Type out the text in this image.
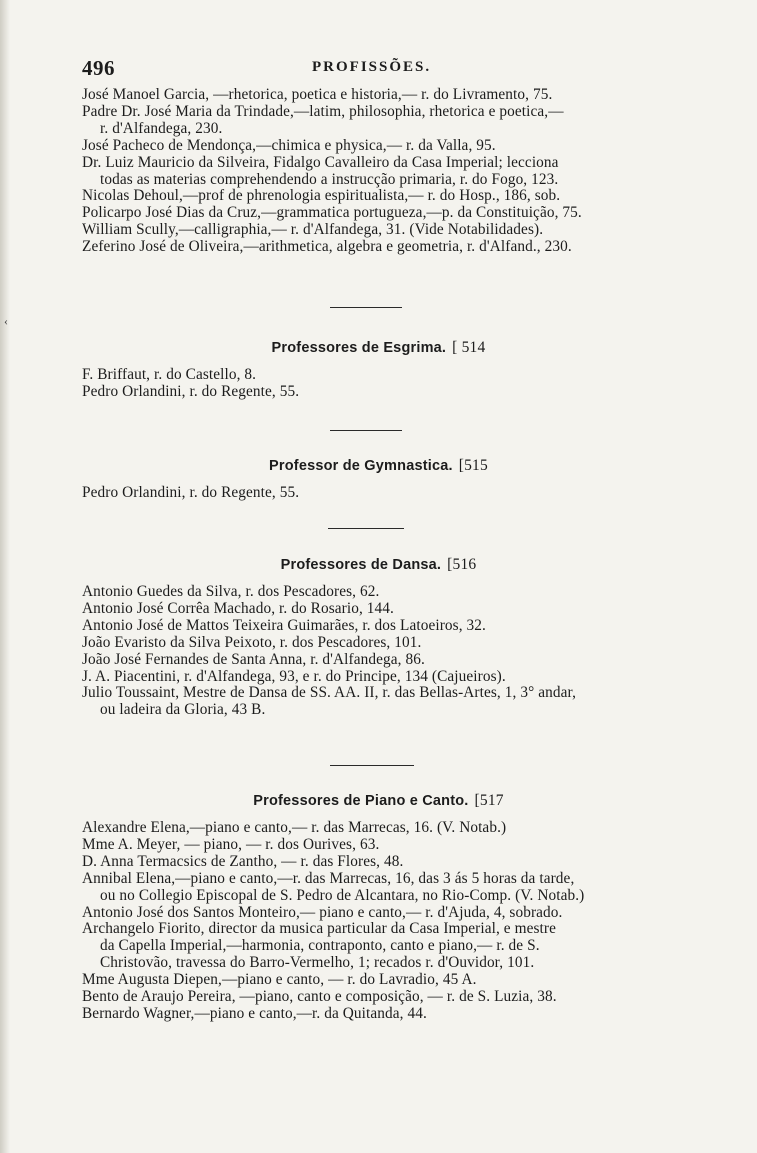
‹
496	PROFISSÕES.
José Manoel Garcia, —rhetorica, poetica e historia,— r. do Livramento, 75.
Padre Dr. José Maria da Trindade,—latim, philosophia, rhetorica e poetica,—
r. d'Alfandega, 230.
José Pacheco de Mendonça,—chimica e physica,— r. da Valla, 95.
Dr. Luiz Mauricio da Silveira, Fidalgo Cavalleiro da Casa Imperial; lecciona
todas as materias comprehendendo a instrucção primaria, r. do Fogo, 123.
Nicolas Dehoul,—prof de phrenologia espiritualista,— r. do Hosp., 186, sob.
Policarpo José Dias da Cruz,—grammatica portugueza,—p. da Constituição, 75.
William Scully,—calligraphia,— r. d'Alfandega, 31. (Vide Notabilidades).
Zeferino José de Oliveira,—arithmetica, algebra e geometria, r. d'Alfand., 230.
Professores de Esgrima. [ 514
F. Briffaut, r. do Castello, 8.
Pedro Orlandini, r. do Regente, 55.
Professor de Gymnastica. [515
Pedro Orlandini, r. do Regente, 55.
Professores de Dansa. [516
Antonio Guedes da Silva, r. dos Pescadores, 62.
Antonio José Corrêa Machado, r. do Rosario, 144.
Antonio José de Mattos Teixeira Guimarães, r. dos Latoeiros, 32.
João Evaristo da Silva Peixoto, r. dos Pescadores, 101.
João José Fernandes de Santa Anna, r. d'Alfandega, 86.
J. A. Piacentini, r. d'Alfandega, 93, e r. do Principe, 134 (Cajueiros).
Julio Toussaint, Mestre de Dansa de SS. AA. II, r. das Bellas-Artes, 1, 3° andar,
ou ladeira da Gloria, 43 B.
Professores de Piano e Canto. [517
Alexandre Elena,—piano e canto,— r. das Marrecas, 16. (V. Notab.)
Mme A. Meyer, — piano, — r. dos Ourives, 63.
D. Anna Termacsics de Zantho, — r. das Flores, 48.
Annibal Elena,—piano e canto,—r. das Marrecas, 16, das 3 ás 5 horas da tarde,
ou no Collegio Episcopal de S. Pedro de Alcantara, no Rio-Comp. (V. Notab.)
Antonio José dos Santos Monteiro,— piano e canto,— r. d'Ajuda, 4, sobrado.
Archangelo Fiorito, director da musica particular da Casa Imperial, e mestre
da Capella Imperial,—harmonia, contraponto, canto e piano,— r. de S.
Christovão, travessa do Barro-Vermelho, 1; recados r. d'Ouvidor, 101.
Mme Augusta Diepen,—piano e canto, — r. do Lavradio, 45 A.
Bento de Araujo Pereira, —piano, canto e composição, — r. de S. Luzia, 38.
Bernardo Wagner,—piano e canto,—r. da Quitanda, 44.
